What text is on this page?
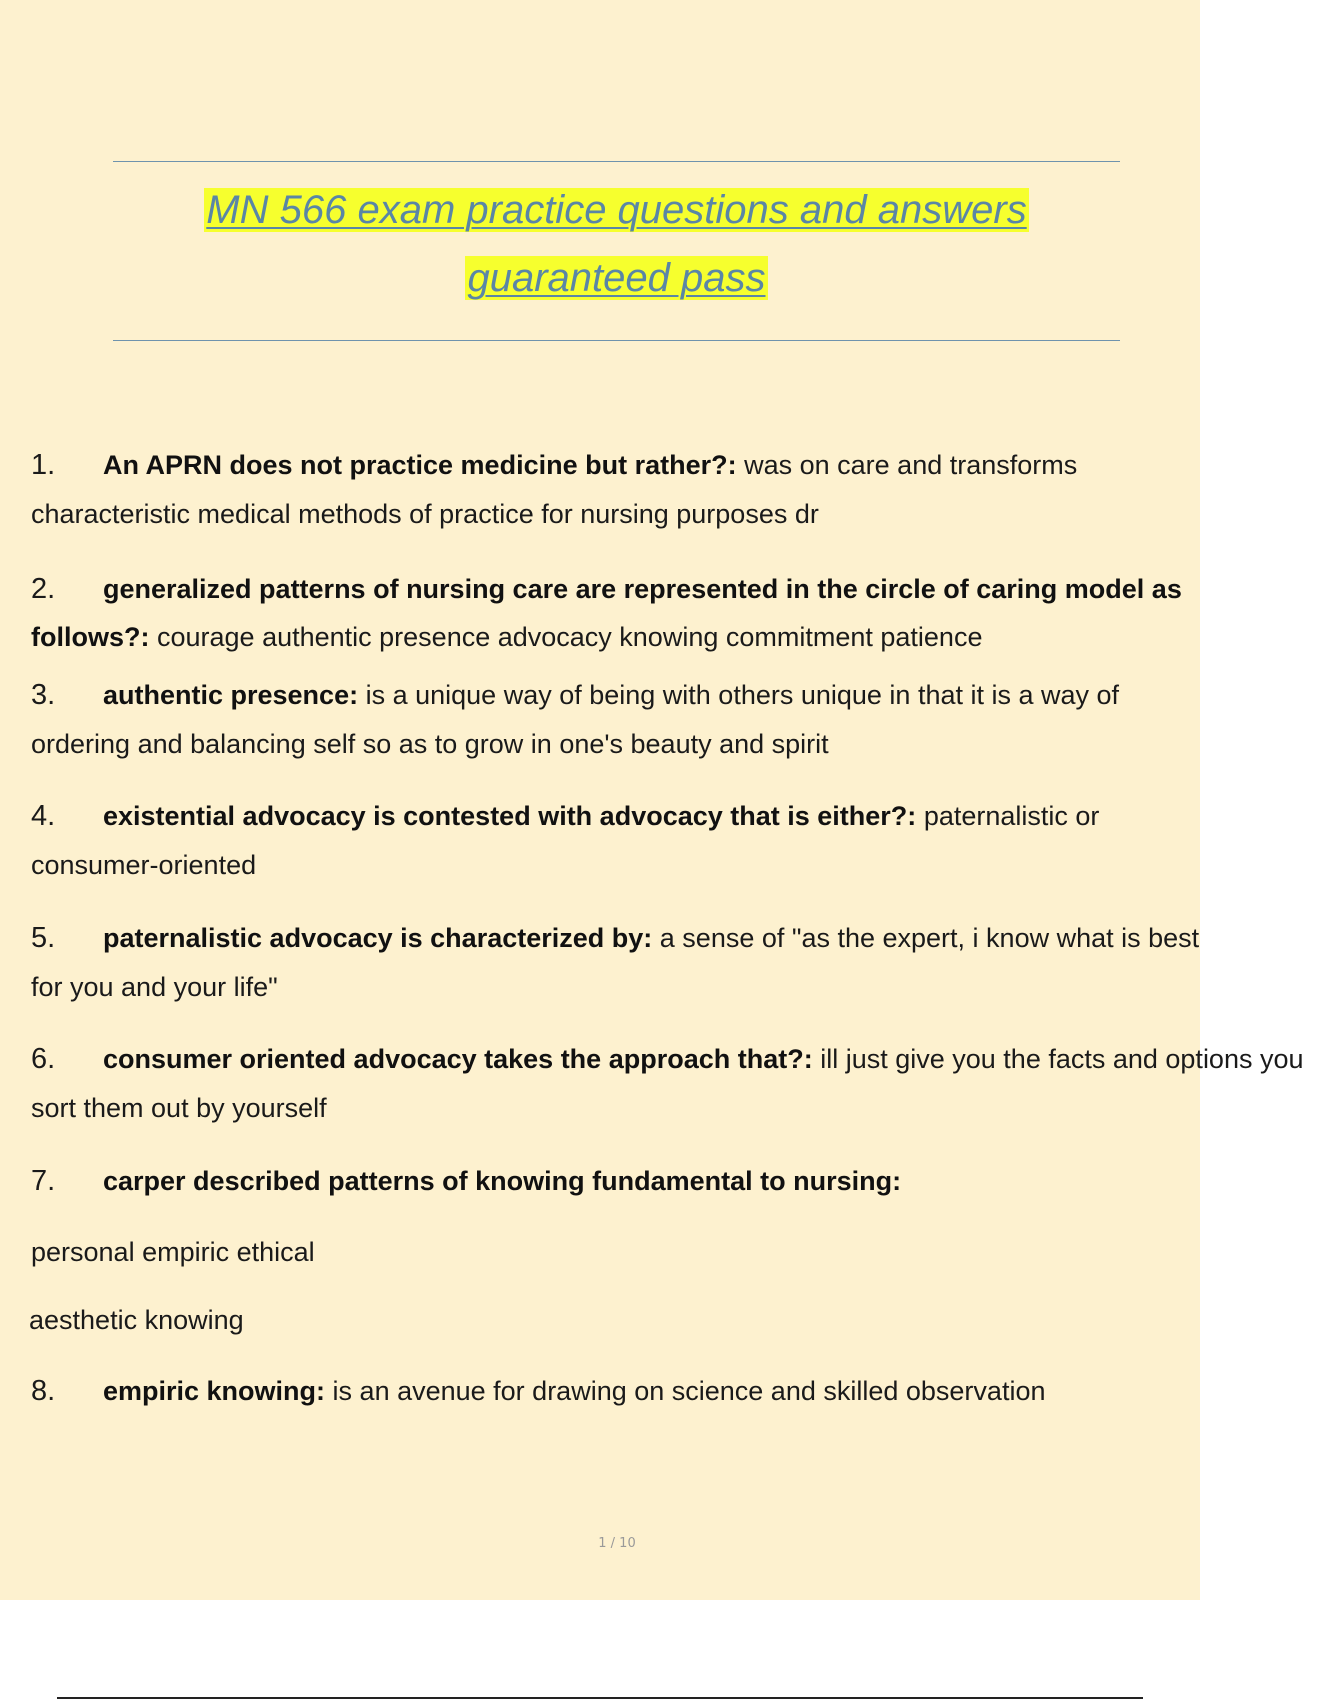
MN 566 exam practice questions and answers
guaranteed pass
1. An APRN does not practice medicine but rather?: was on care and transforms characteristic medical methods of practice for nursing purposes dr
2. generalized patterns of nursing care are represented in the circle of caring model as follows?: courage authentic presence advocacy knowing commitment patience
3. authentic presence: is a unique way of being with others unique in that it is a way of ordering and balancing self so as to grow in one's beauty and spirit
4. existential advocacy is contested with advocacy that is either?: paternalistic or consumer-oriented
5. paternalistic advocacy is characterized by: a sense of "as the expert, i know what is best for you and your life"
6. consumer oriented advocacy takes the approach that?: ill just give you the facts and options you sort them out by yourself
7. carper described patterns of knowing fundamental to nursing:
personal empiric ethical
aesthetic knowing
8. empiric knowing: is an avenue for drawing on science and skilled observation
1 / 10
